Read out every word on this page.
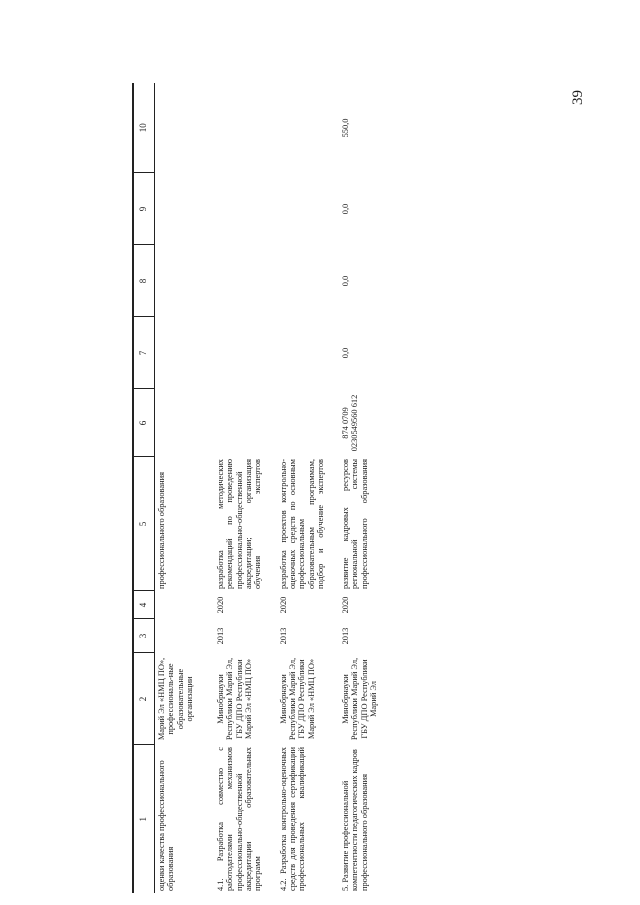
39
1	2	3	4	5	6	7	8	9	10
оценки качества профессионального образования	Марий Эл «НМЦ ПО», профессиональ-ные образовательные организации			профессионального образования					
4.1. Разработка совместно с работодателями механизмов профессионально-общественной аккредитации образовательных программ	Минобрнауки Республики Марий Эл, ГБУ ДПО Республики Марий Эл «НМЦ ПО»	2013	2020	разработка методических рекомендаций по проведению профессионально-общественной аккредитации; организация обучения экспертов					
4.2. Разработка контрольно-оценочных средств для проведения сертификации профессиональных квалификаций	Минобрнауки Республики Марий Эл, ГБУ ДПО Республики Марий Эл «НМЦ ПО»	2013	2020	разработка проектов контрольно-оценочных средств по основным профессиональным образовательным программам, подбор и обучение экспертов					
5. Развитие профессиональной компетентности педагогических кадров профессионального образования	Минобрнауки Республики Марий Эл, ГБУ ДПО Республики Марий Эл	2013	2020	развитие кадровых ресурсов региональной системы профессионального образования	874 0709 0230549560 612	0,0	0,0	0,0	550,0
